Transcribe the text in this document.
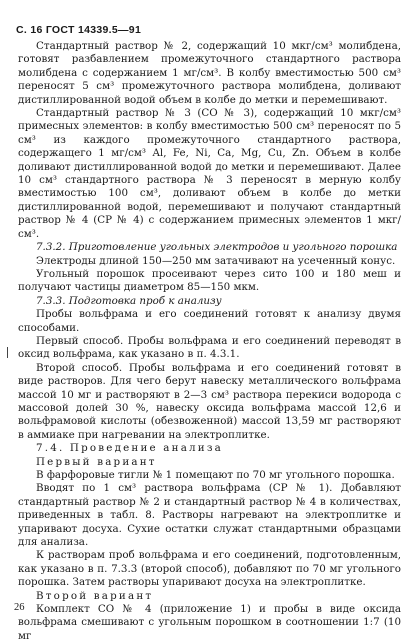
С. 16 ГОСТ 14339.5—91

Стандартный раствор № 2, содержащий 10 мкг/см³ молибдена, готовят разбавлением промежуточного стандартного раствора молибдена с содержанием 1 мг/см³. В колбу вместимостью 500 см³ переносят 5 см³ промежуточного раствора молибдена, доливают дистиллированной водой объем в колбе до метки и перемешивают.

Стандартный раствор № 3 (СО № 3), содержащий 10 мкг/см³ примесных элементов: в колбу вместимостью 500 см³ переносят по 5 см³ из каждого промежуточного стандартного раствора, содержащего 1 мг/см³ Al, Fe, Ni, Ca, Mg, Cu, Zn. Объем в колбе доливают дистиллированной водой до метки и перемешивают. Далее 10 см³ стандартного раствора № 3 переносят в мерную колбу вместимостью 100 см³, доливают объем в колбе до метки дистиллированной водой, перемешивают и получают стандартный раствор № 4 (СР № 4) с содержанием примесных элементов 1 мкг/см³.

7.3.2. Приготовление угольных электродов и угольного порошка

Электроды длиной 150—250 мм затачивают на усеченный конус.

Угольный порошок просеивают через сито 100 и 180 меш и получают частицы диаметром 85—150 мкм.

7.3.3. Подготовка проб к анализу

Пробы вольфрама и его соединений готовят к анализу двумя способами.

Первый способ. Пробы вольфрама и его соединений переводят в оксид вольфрама, как указано в п. 4.3.1.

Второй способ. Пробы вольфрама и его соединений готовят в виде растворов. Для чего берут навеску металлического вольфрама массой 10 мг и растворяют в 2—3 см³ раствора перекиси водорода с массовой долей 30 %, навеску оксида вольфрама массой 12,6 и вольфрамовой кислоты (обезвоженной) массой 13,59 мг растворяют в аммиаке при нагревании на электроплитке.

7.4. Проведение анализа

Первый вариант

В фарфоровые тигли № 1 помещают по 70 мг угольного порошка.

Вводят по 1 см³ раствора вольфрама (СР № 1). Добавляют стандартный раствор № 2 и стандартный раствор № 4 в количествах, приведенных в табл. 8. Растворы нагревают на электроплитке и упаривают досуха. Сухие остатки служат стандартными образцами для анализа.

К растворам проб вольфрама и его соединений, подготовленным, как указано в п. 7.3.3 (второй способ), добавляют по 70 мг угольного порошка. Затем растворы упаривают досуха на электроплитке.

Второй вариант

Комплект СО № 4 (приложение 1) и пробы в виде оксида вольфрама смешивают с угольным порошком в соотношении 1:7 (10 мг

26
